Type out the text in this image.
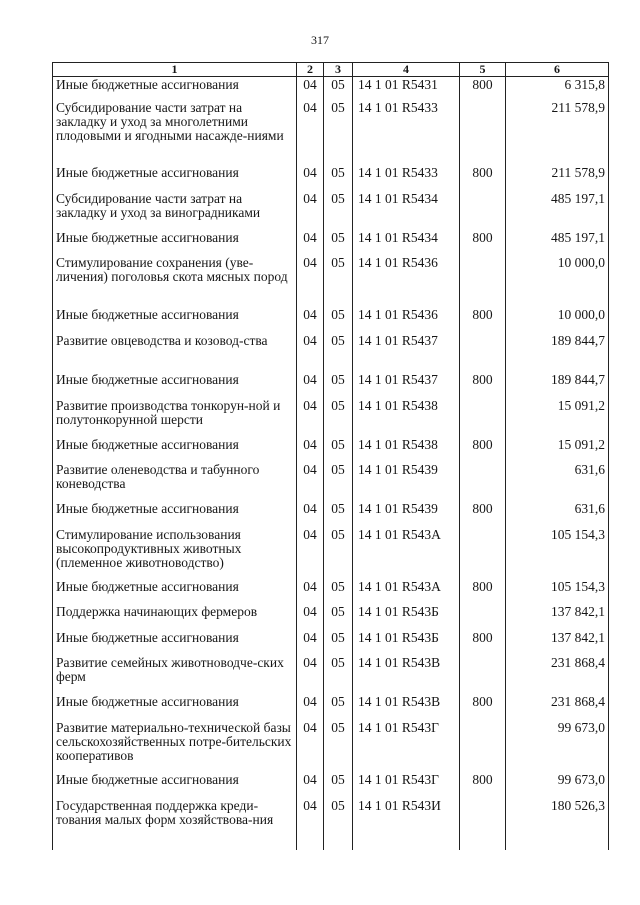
317
1	2	3	4	5	6
Иные бюджетные ассигнования	04	05	14 1 01 R5431	800	6 315,8
Субсидирование части затрат на закладку и уход за многолетними плодовыми и ягодными насажде-ниями	04	05	14 1 01 R5433		211 578,9
Иные бюджетные ассигнования	04	05	14 1 01 R5433	800	211 578,9
Субсидирование части затрат на закладку и уход за виноградниками	04	05	14 1 01 R5434		485 197,1
Иные бюджетные ассигнования	04	05	14 1 01 R5434	800	485 197,1
Стимулирование сохранения (уве-личения) поголовья скота мясных пород	04	05	14 1 01 R5436		10 000,0
Иные бюджетные ассигнования	04	05	14 1 01 R5436	800	10 000,0
Развитие овцеводства и козовод-ства	04	05	14 1 01 R5437		189 844,7
Иные бюджетные ассигнования	04	05	14 1 01 R5437	800	189 844,7
Развитие производства тонкорун-ной и полутонкорунной шерсти	04	05	14 1 01 R5438		15 091,2
Иные бюджетные ассигнования	04	05	14 1 01 R5438	800	15 091,2
Развитие оленеводства и табунного коневодства	04	05	14 1 01 R5439		631,6
Иные бюджетные ассигнования	04	05	14 1 01 R5439	800	631,6
Стимулирование использования высокопродуктивных животных (племенное животноводство)	04	05	14 1 01 R543А		105 154,3
Иные бюджетные ассигнования	04	05	14 1 01 R543А	800	105 154,3
Поддержка начинающих фермеров	04	05	14 1 01 R543Б		137 842,1
Иные бюджетные ассигнования	04	05	14 1 01 R543Б	800	137 842,1
Развитие семейных животноводче-ских ферм	04	05	14 1 01 R543В		231 868,4
Иные бюджетные ассигнования	04	05	14 1 01 R543В	800	231 868,4
Развитие материально-технической базы сельскохозяйственных потре-бительских кооперативов	04	05	14 1 01 R543Г		99 673,0
Иные бюджетные ассигнования	04	05	14 1 01 R543Г	800	99 673,0
Государственная поддержка креди-тования малых форм хозяйствова-ния	04	05	14 1 01 R543И		180 526,3
